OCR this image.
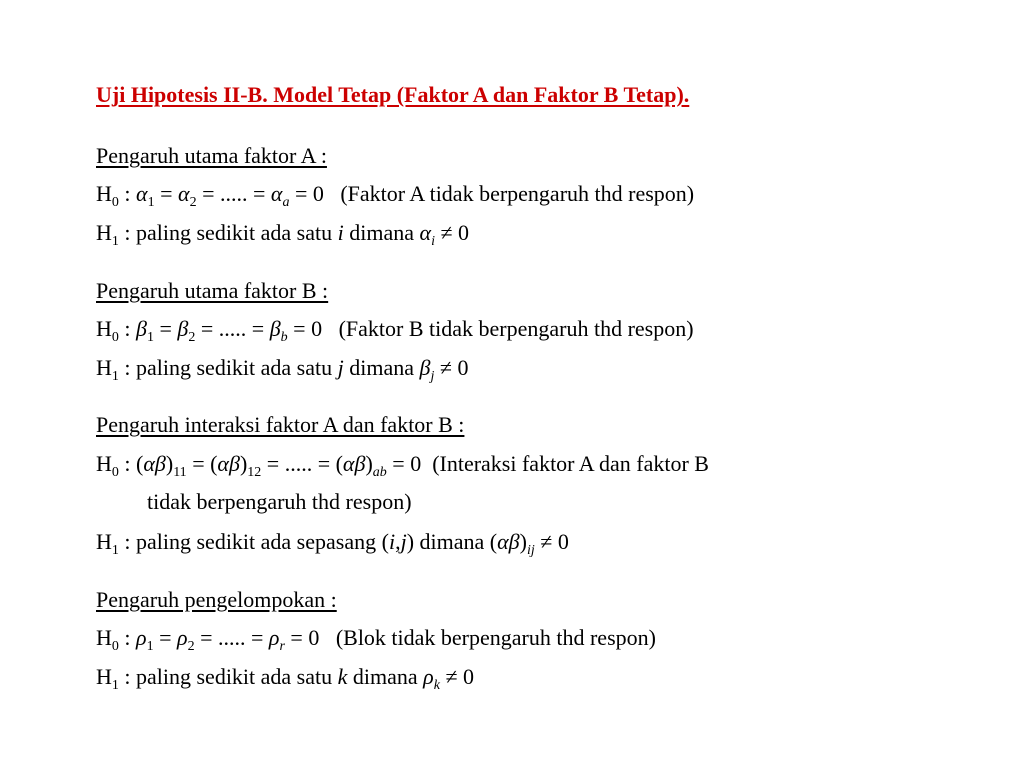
Uji Hipotesis II-B. Model Tetap (Faktor A dan Faktor B Tetap).
Pengaruh utama faktor A :
$H_0$ : $\alpha_1 = \alpha_2$ = ..... = $\alpha_a = 0$   (Faktor A tidak berpengaruh thd respon)
$H_1$ : paling sedikit ada satu i dimana $\alpha_i \ne 0$
Pengaruh utama faktor B :
$H_0$ : $\beta_1 = \beta_2$ = ..... = $\beta_b = 0$   (Faktor B tidak berpengaruh thd respon)
$H_1$ : paling sedikit ada satu j dimana $\beta_j \ne 0$
Pengaruh interaksi faktor A dan faktor B :
$H_0$ : $(\alpha\beta)_{11} = (\alpha\beta)_{12}$ = ..... = $(\alpha\beta)_{ab} = 0$  (Interaksi faktor A dan faktor B
tidak berpengaruh thd respon)
$H_1$ : paling sedikit ada sepasang (i,j) dimana $(\alpha\beta)_{ij} \ne 0$
Pengaruh pengelompokan :
$H_0$ : $\rho_1 = \rho_2$ = ..... = $\rho_r = 0$   (Blok tidak berpengaruh thd respon)
$H_1$ : paling sedikit ada satu k dimana $\rho_k \ne 0$
